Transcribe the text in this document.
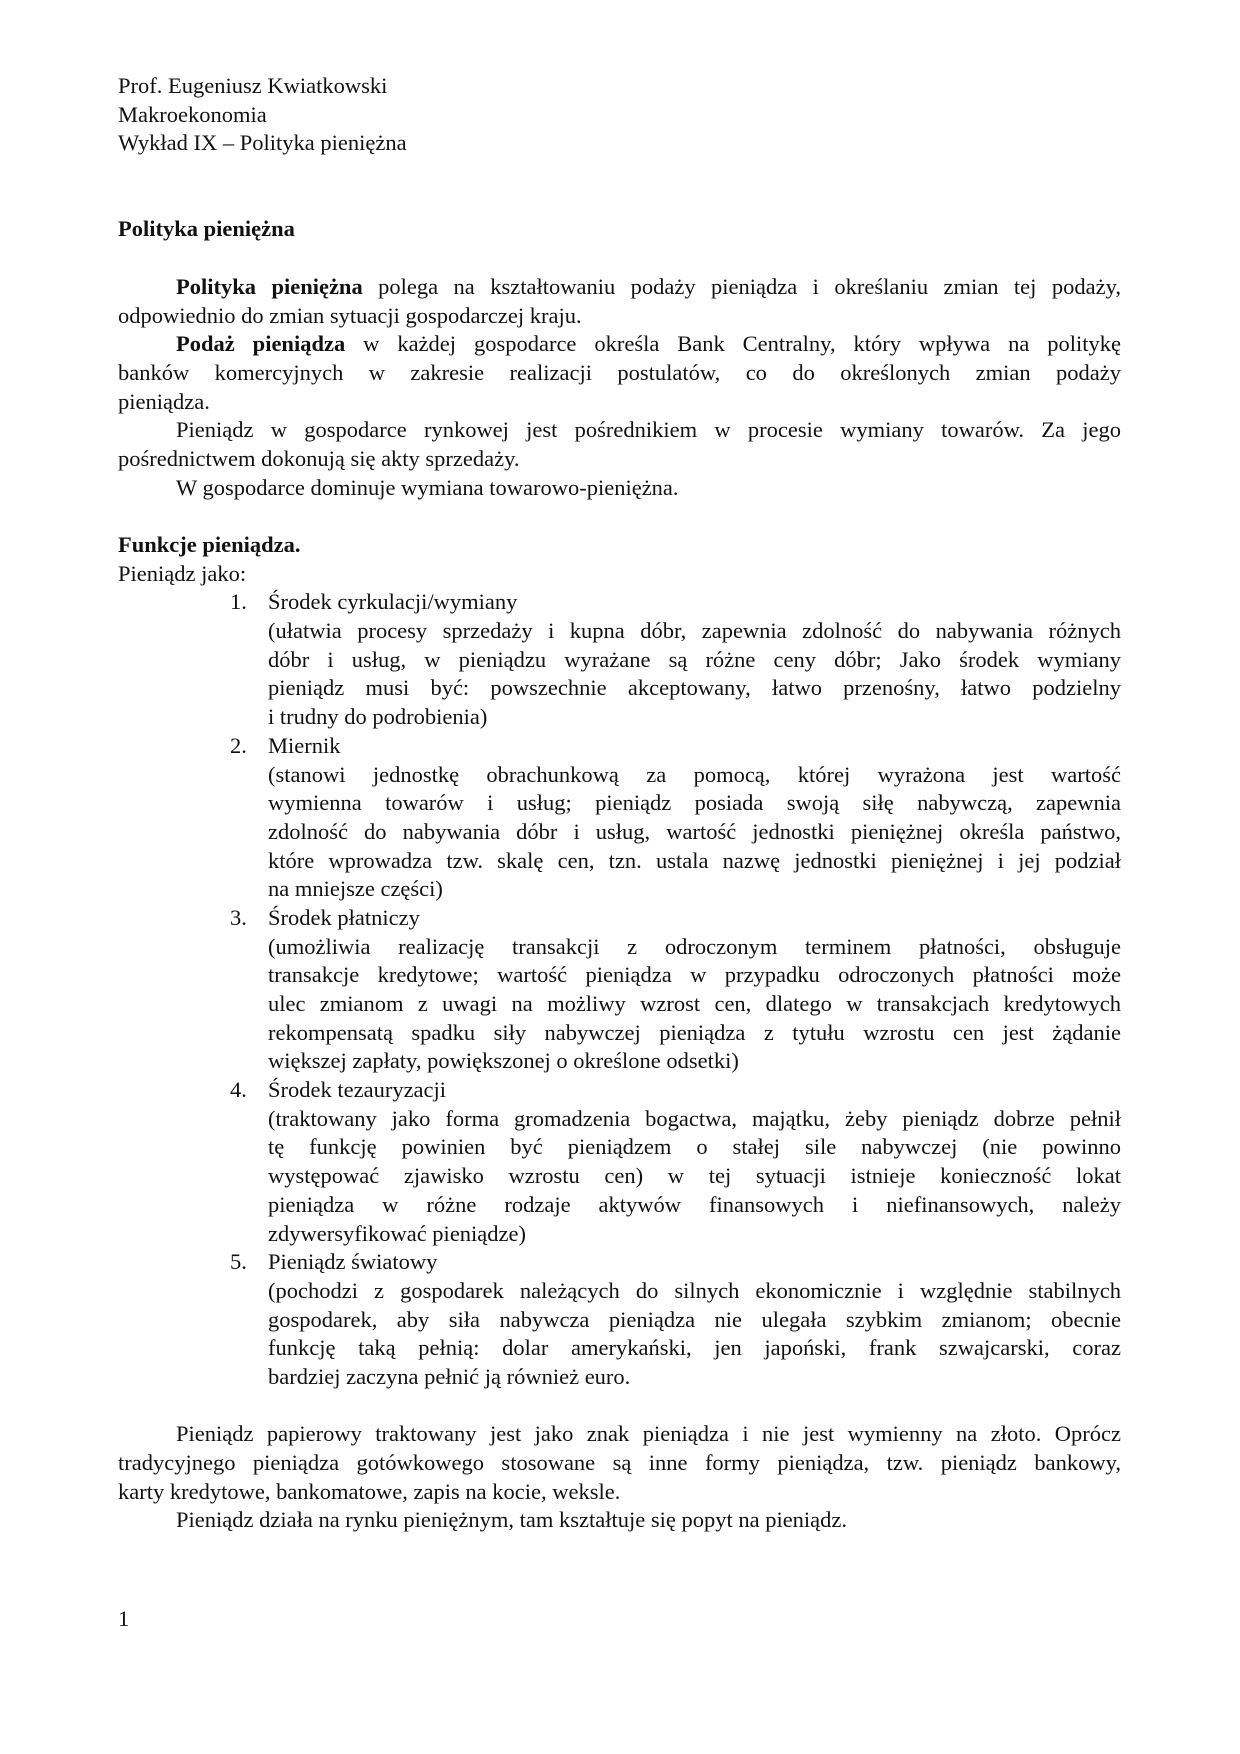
Prof. Eugeniusz Kwiatkowski
Makroekonomia
Wykład IX – Polityka pieniężna
Polityka pieniężna
Polityka pieniężna polega na kształtowaniu podaży pieniądza i określaniu zmian tej podaży,
odpowiednio do zmian sytuacji gospodarczej kraju.
Podaż pieniądza w każdej gospodarce określa Bank Centralny, który wpływa na politykę
banków komercyjnych w zakresie realizacji postulatów, co do określonych zmian podaży
pieniądza.
Pieniądz w gospodarce rynkowej jest pośrednikiem w procesie wymiany towarów. Za jego
pośrednictwem dokonują się akty sprzedaży.
W gospodarce dominuje wymiana towarowo-pieniężna.
Funkcje pieniądza.
Pieniądz jako:
1. Środek cyrkulacji/wymiany
(ułatwia procesy sprzedaży i kupna dóbr, zapewnia zdolność do nabywania różnych
dóbr i usług, w pieniądzu wyrażane są różne ceny dóbr; Jako środek wymiany
pieniądz musi być: powszechnie akceptowany, łatwo przenośny, łatwo podzielny
i trudny do podrobienia)
2. Miernik
(stanowi jednostkę obrachunkową za pomocą, której wyrażona jest wartość
wymienna towarów i usług; pieniądz posiada swoją siłę nabywczą, zapewnia
zdolność do nabywania dóbr i usług, wartość jednostki pieniężnej określa państwo,
które wprowadza tzw. skalę cen, tzn. ustala nazwę jednostki pieniężnej i jej podział
na mniejsze części)
3. Środek płatniczy
(umożliwia realizację transakcji z odroczonym terminem płatności, obsługuje
transakcje kredytowe; wartość pieniądza w przypadku odroczonych płatności może
ulec zmianom z uwagi na możliwy wzrost cen, dlatego w transakcjach kredytowych
rekompensatą spadku siły nabywczej pieniądza z tytułu wzrostu cen jest żądanie
większej zapłaty, powiększonej o określone odsetki)
4. Środek tezauryzacji
(traktowany jako forma gromadzenia bogactwa, majątku, żeby pieniądz dobrze pełnił
tę funkcję powinien być pieniądzem o stałej sile nabywczej (nie powinno
występować zjawisko wzrostu cen) w tej sytuacji istnieje konieczność lokat
pieniądza w różne rodzaje aktywów finansowych i niefinansowych, należy
zdywersyfikować pieniądze)
5. Pieniądz światowy
(pochodzi z gospodarek należących do silnych ekonomicznie i względnie stabilnych
gospodarek, aby siła nabywcza pieniądza nie ulegała szybkim zmianom; obecnie
funkcję taką pełnią: dolar amerykański, jen japoński, frank szwajcarski, coraz
bardziej zaczyna pełnić ją również euro.
Pieniądz papierowy traktowany jest jako znak pieniądza i nie jest wymienny na złoto. Oprócz
tradycyjnego pieniądza gotówkowego stosowane są inne formy pieniądza, tzw. pieniądz bankowy,
karty kredytowe, bankomatowe, zapis na kocie, weksle.
Pieniądz działa na rynku pieniężnym, tam kształtuje się popyt na pieniądz.
1
